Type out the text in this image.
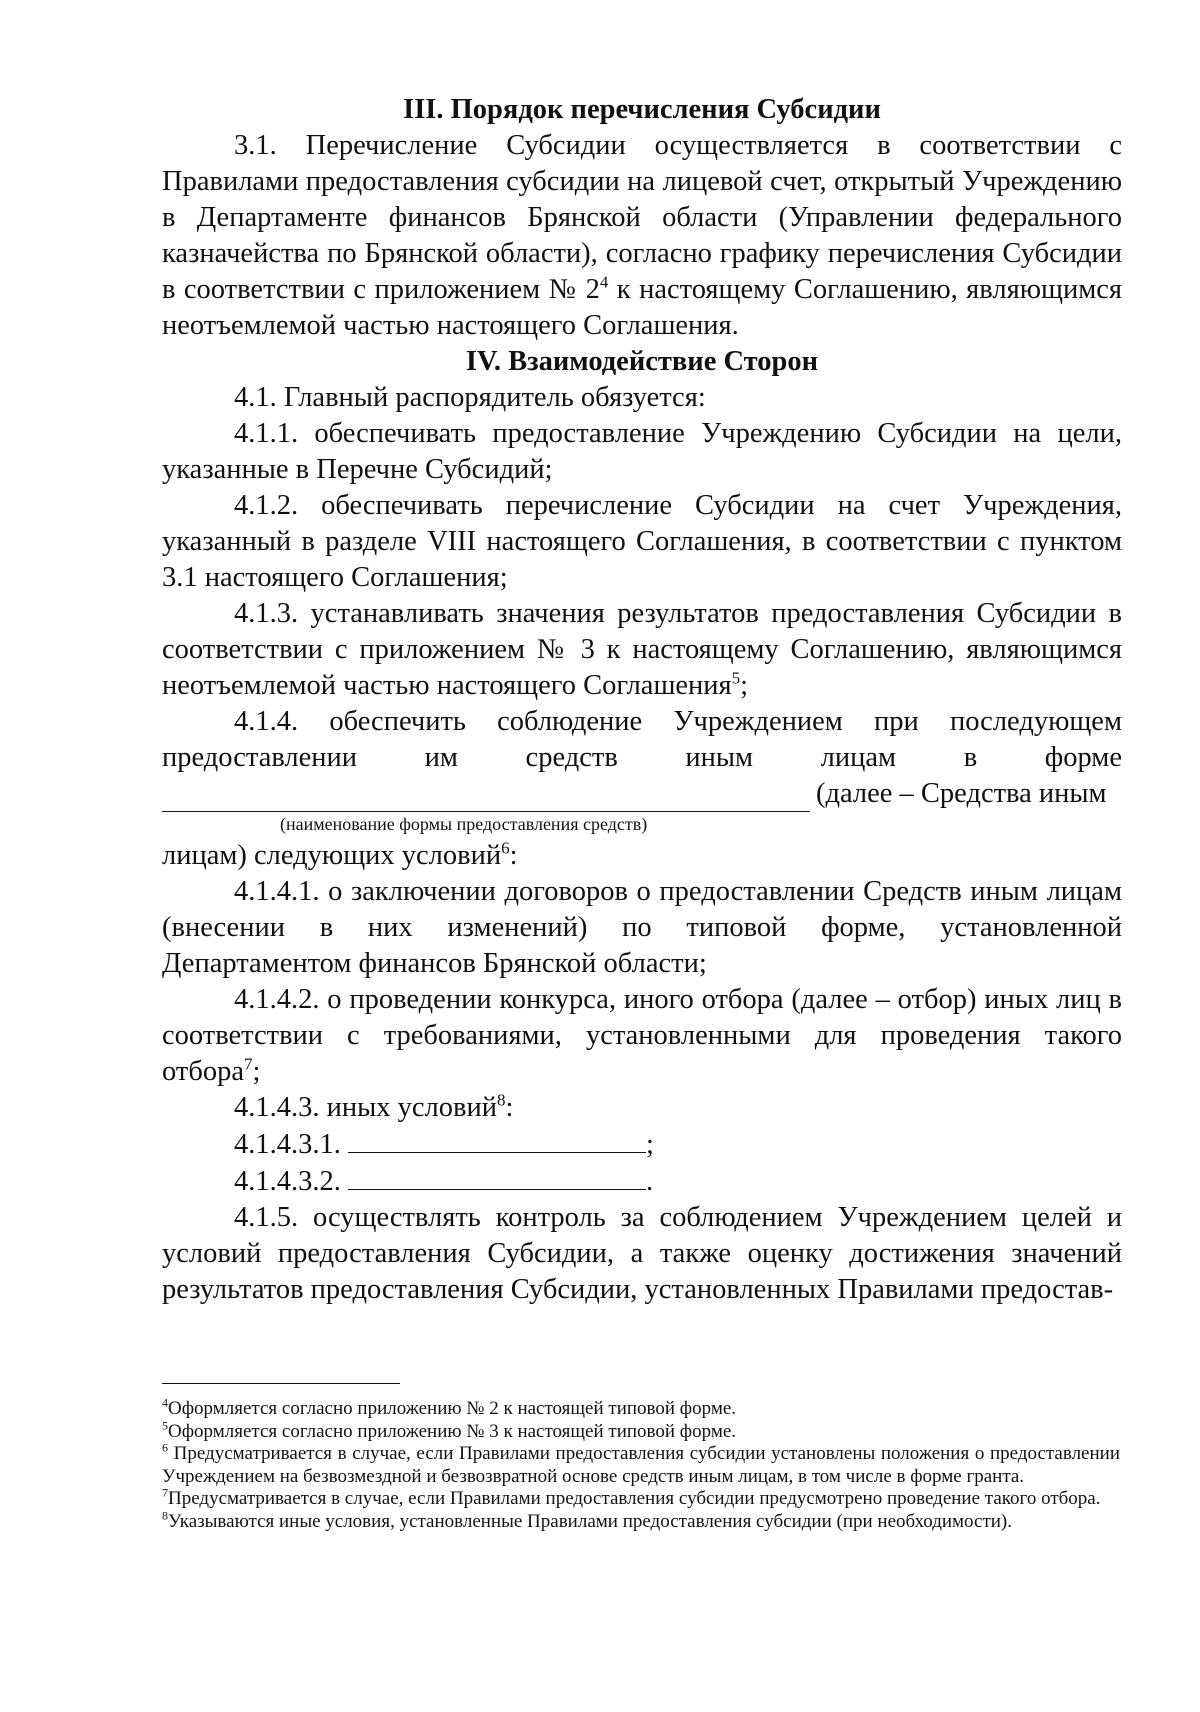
III. Порядок перечисления Субсидии

3.1. Перечисление Субсидии осуществляется в соответствии с Правилами предоставления субсидии на лицевой счет, открытый Учреждению в Департаменте финансов Брянской области (Управлении федерального казначейства по Брянской области), согласно графику перечисления Субсидии в соответствии с приложением № $2^4$ к настоящему Соглашению, являющимся неотъемлемой частью настоящего Соглашения.

IV. Взаимодействие Сторон

4.1. Главный распорядитель обязуется:

4.1.1. обеспечивать предоставление Учреждению Субсидии на цели, указанные в Перечне Субсидий;

4.1.2. обеспечивать перечисление Субсидии на счет Учреждения, указанный в разделе VIII настоящего Соглашения, в соответствии с пунктом 3.1 настоящего Соглашения;

4.1.3. устанавливать значения результатов предоставления Субсидии в соответствии с приложением № 3 к настоящему Соглашению, являющимся неотъемлемой частью настоящего Соглашения$^5$;

4.1.4. обеспечить соблюдение Учреждением при последующем

предоставлении им средств иным лицам в форме

(далее – Средства иным
(наименование формы предоставления средств)

лицам) следующих условий$^6$:

4.1.4.1. о заключении договоров о предоставлении Средств иным лицам (внесении в них изменений) по типовой форме, установленной Департаментом финансов Брянской области;

4.1.4.2. о проведении конкурса, иного отбора (далее – отбор) иных лиц в соответствии с требованиями, установленными для проведения такого отбора$^7$;

4.1.4.3. иных условий$^8$:

4.1.4.3.1.	;

4.1.4.3.2.	.

4.1.5. осуществлять контроль за соблюдением Учреждением целей и условий предоставления Субсидии, а также оценку достижения значений результатов предоставления Субсидии, установленных Правилами предостав-

$^4$Оформляется согласно приложению № 2 к настоящей типовой форме.

$^5$Оформляется согласно приложению № 3 к настоящей типовой форме.

$^6$ Предусматривается в случае, если Правилами предоставления субсидии установлены положения о предоставлении Учреждением на безвозмездной и безвозвратной основе средств иным лицам, в том числе в форме гранта.

$^7$Предусматривается в случае, если Правилами предоставления субсидии предусмотрено проведение такого отбора.

$^8$Указываются иные условия, установленные Правилами предоставления субсидии (при необходимости).
